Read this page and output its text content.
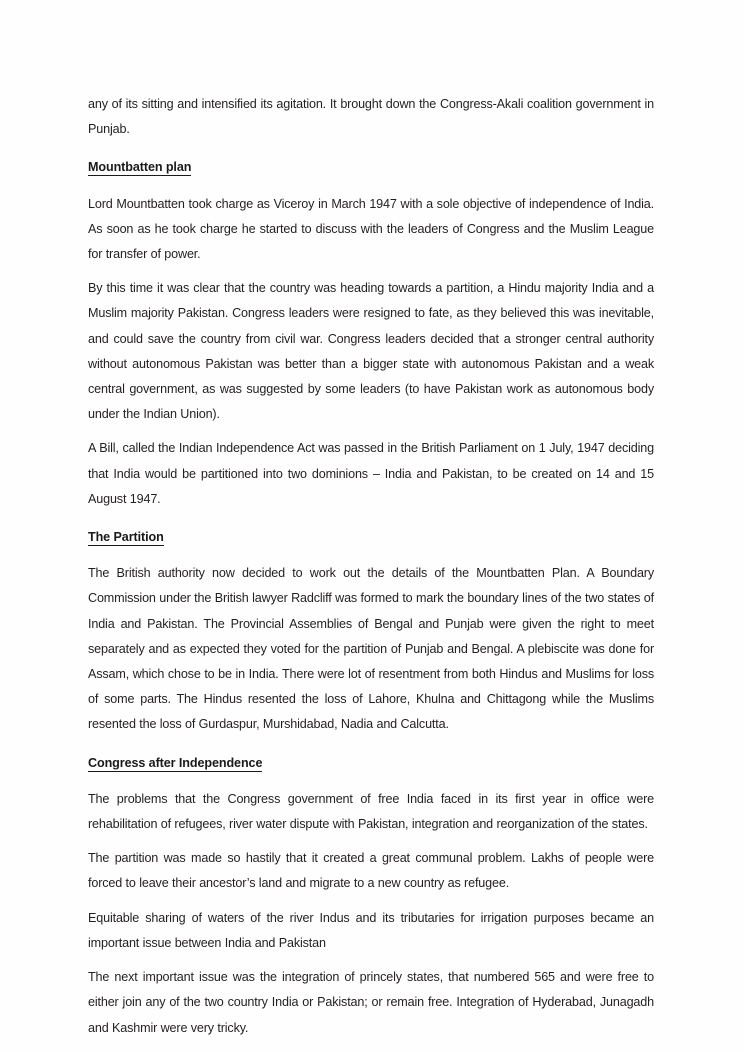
any of its sitting and intensified its agitation. It brought down the Congress-Akali coalition government in Punjab.

Mountbatten plan

Lord Mountbatten took charge as Viceroy in March 1947 with a sole objective of independence of India. As soon as he took charge he started to discuss with the leaders of Congress and the Muslim League for transfer of power.

By this time it was clear that the country was heading towards a partition, a Hindu majority India and a Muslim majority Pakistan. Congress leaders were resigned to fate, as they believed this was inevitable, and could save the country from civil war. Congress leaders decided that a stronger central authority without autonomous Pakistan was better than a bigger state with autonomous Pakistan and a weak central government, as was suggested by some leaders (to have Pakistan work as autonomous body under the Indian Union).

A Bill, called the Indian Independence Act was passed in the British Parliament on 1 July, 1947 deciding that India would be partitioned into two dominions – India and Pakistan, to be created on 14 and 15 August 1947.

The Partition

The British authority now decided to work out the details of the Mountbatten Plan. A Boundary Commission under the British lawyer Radcliff was formed to mark the boundary lines of the two states of India and Pakistan. The Provincial Assemblies of Bengal and Punjab were given the right to meet separately and as expected they voted for the partition of Punjab and Bengal. A plebiscite was done for Assam, which chose to be in India. There were lot of resentment from both Hindus and Muslims for loss of some parts. The Hindus resented the loss of Lahore, Khulna and Chittagong while the Muslims resented the loss of Gurdaspur, Murshidabad, Nadia and Calcutta.

Congress after Independence

The problems that the Congress government of free India faced in its first year in office were rehabilitation of refugees, river water dispute with Pakistan, integration and reorganization of the states.

The partition was made so hastily that it created a great communal problem. Lakhs of people were forced to leave their ancestor’s land and migrate to a new country as refugee.

Equitable sharing of waters of the river Indus and its tributaries for irrigation purposes became an important issue between India and Pakistan

The next important issue was the integration of princely states, that numbered 565 and were free to either join any of the two country India or Pakistan; or remain free. Integration of Hyderabad, Junagadh and Kashmir were very tricky.
